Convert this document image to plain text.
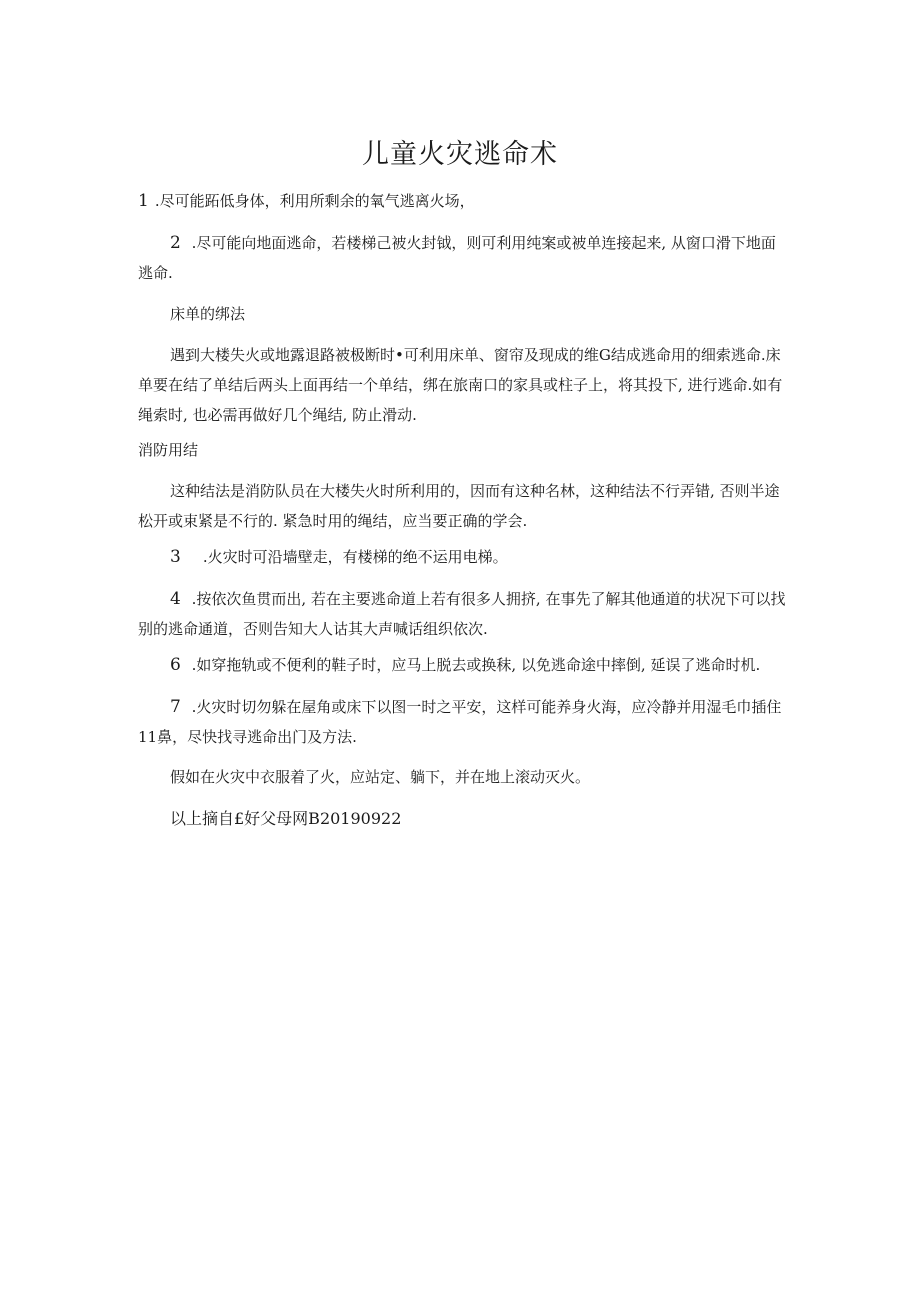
儿童火灾逃命术

1 .尽可能跖低身体，利用所剩余的氧气逃离火场，

2 .尽可能向地面逃命，若楼梯己被火封钺，则可利用纯案或被单连接起来, 从窗口滑下地面逃命.

床单的绑法

遇到大楼失火或地露退路被极断时•可利用床单、窗帘及现成的维G结成逃命用的细索逃命.床单要在结了单结后两头上面再结一个单结，绑在旅南口的家具或柱子上，将其投下, 进行逃命.如有绳索时, 也必需再做好几个绳结, 防止滑动.

消防用结

这种结法是消防队员在大楼失火时所利用的，因而有这种名林，这种结法不行弄错, 否则半途松开或束紧是不行的. 紧急时用的绳结，应当要正确的学会.

3 .火灾时可沿墙壁走，有楼梯的绝不运用电梯。

4 .按依次鱼贯而出, 若在主要逃命道上若有很多人拥挤, 在事先了解其他通道的状况下可以找别的逃命通道，否则告知大人诂其大声喊话组织依次.

6 .如穿拖轨或不便利的鞋子时，应马上脱去或换秣, 以免逃命途中摔倒, 延误了逃命时机.

7 .火灾时切勿躲在屋角或床下以图一时之平安，这样可能养身火海，应冷静并用湿毛巾插住11鼻，尽快找寻逃命出门及方法.

假如在火灾中衣服着了火，应站定、躺下，并在地上滚动灭火。

以上摘自£好父母网B20190922
